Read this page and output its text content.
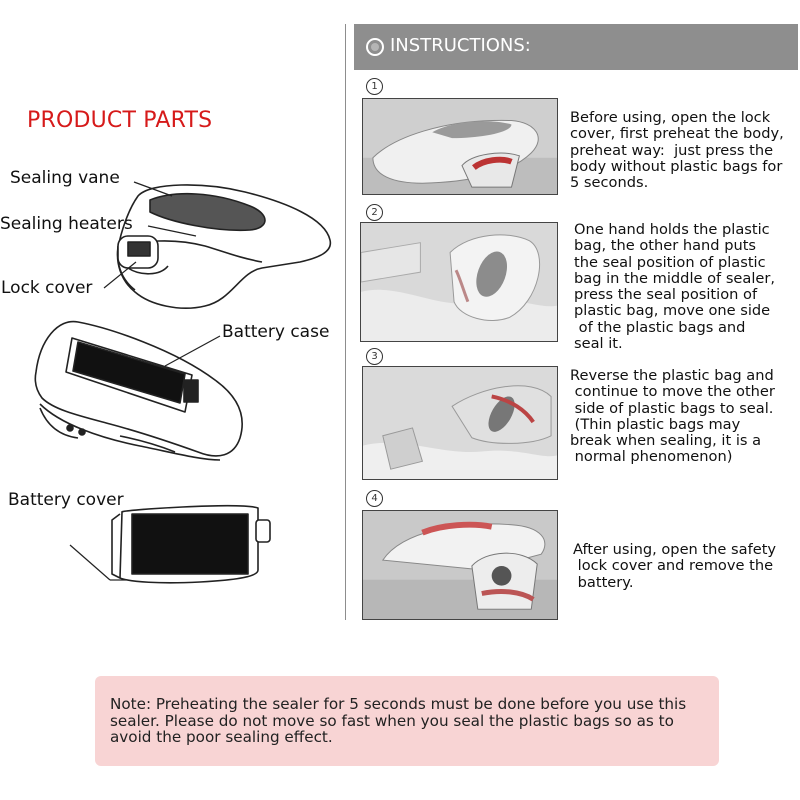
PRODUCT PARTS
Sealing vane
Sealing heaters
Lock cover
Battery case
Battery cover
INSTRUCTIONS:
1
Before using, open the lock
cover, first preheat the body,
preheat way:  just press the
body without plastic bags for
5 seconds.
2
One hand holds the plastic
bag, the other hand puts
the seal position of plastic
bag in the middle of sealer,
press the seal position of
plastic bag, move one side
of the plastic bags and
seal it.
3
Reverse the plastic bag and
continue to move the other
side of plastic bags to seal.
(Thin plastic bags may
break when sealing, it is a
normal phenomenon)
4
After using, open the safety
lock cover and remove the
battery.
Note: Preheating the sealer for 5 seconds must be done before you use this
sealer. Please do not move so fast when you seal the plastic bags so as to
avoid the poor sealing effect.
